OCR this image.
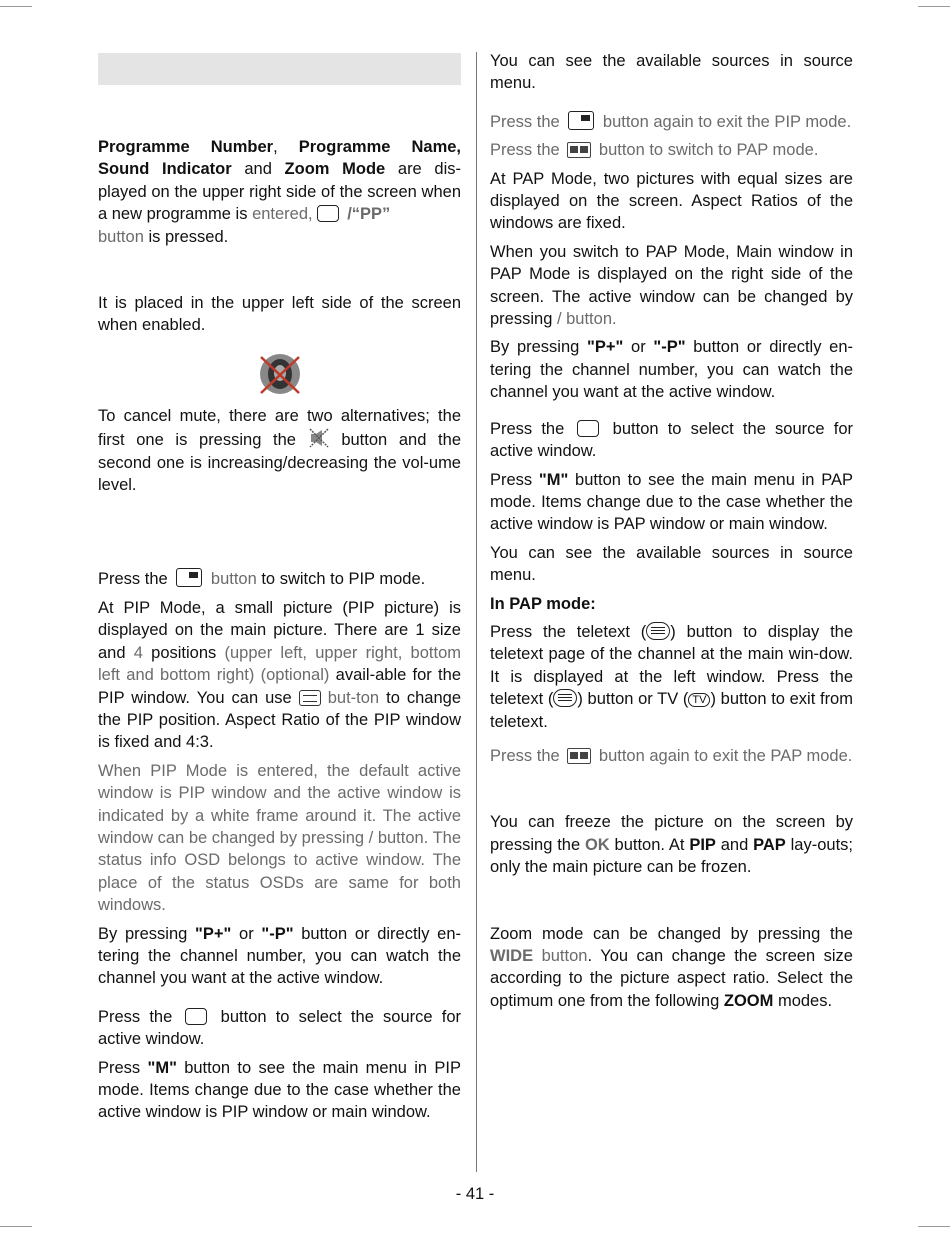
Programme Number, Programme Name, Sound Indicator and Zoom Mode are dis-played on the upper right side of the screen when a new programme is entered, /“PP”
button is pressed.

It is placed in the upper left side of the screen when enabled.

To cancel mute, there are two alternatives; the first one is pressing the	button and the second one is increasing/decreasing the vol-ume level.

Press the	button to switch to PIP mode.

At PIP Mode, a small picture (PIP picture) is displayed on the main picture. There are 1 size and 4 positions (upper left, upper right, bottom left and bottom right) (optional) avail-able for the PIP window. You can use  but-ton to change the PIP position. Aspect Ratio of the PIP window is fixed and 4:3.

When PIP Mode is entered, the default active window is PIP window and the active window is indicated by a white frame around it. The active window can be changed by pressing / button. The status info OSD belongs to active window. The place of the status OSDs are same for both windows.

By pressing "P+" or "-P" button or directly en-tering the channel number, you can watch the channel you want at the active window.

Press the	button to select the source for active window.

Press "M" button to see the main menu in PIP mode. Items change due to the case whether the active window is PIP window or main window.

You can see the available sources in source menu.

Press the	button again to exit the PIP mode.

Press the button to switch to PAP mode.

At PAP Mode, two pictures with equal sizes are displayed on the screen. Aspect Ratios of the windows are fixed.

When you switch to PAP Mode, Main window in PAP Mode is displayed on the right side of the screen. The active window can be changed by pressing / button.

By pressing "P+" or "-P" button or directly en-tering the channel number, you can watch the channel you want at the active window.

Press the	button to select the source for active window.

Press "M" button to see the main menu in PAP mode. Items change due to the case whether the active window is PAP window or main window.

You can see the available sources in source menu.

In PAP mode:

Press the teletext ( ) button to display the teletext page of the channel at the main win-dow. It is displayed at the left window. Press the teletext ( ) button or TV ( TV ) button to exit from teletext.

Press the button again to exit the PAP mode.

You can freeze the picture on the screen by pressing the OK button. At PIP and PAP lay-outs; only the main picture can be frozen.

Zoom mode can be changed by pressing the WIDE button. You can change the screen size according to the picture aspect ratio. Select the optimum one from the following ZOOM modes.

- 41 -
